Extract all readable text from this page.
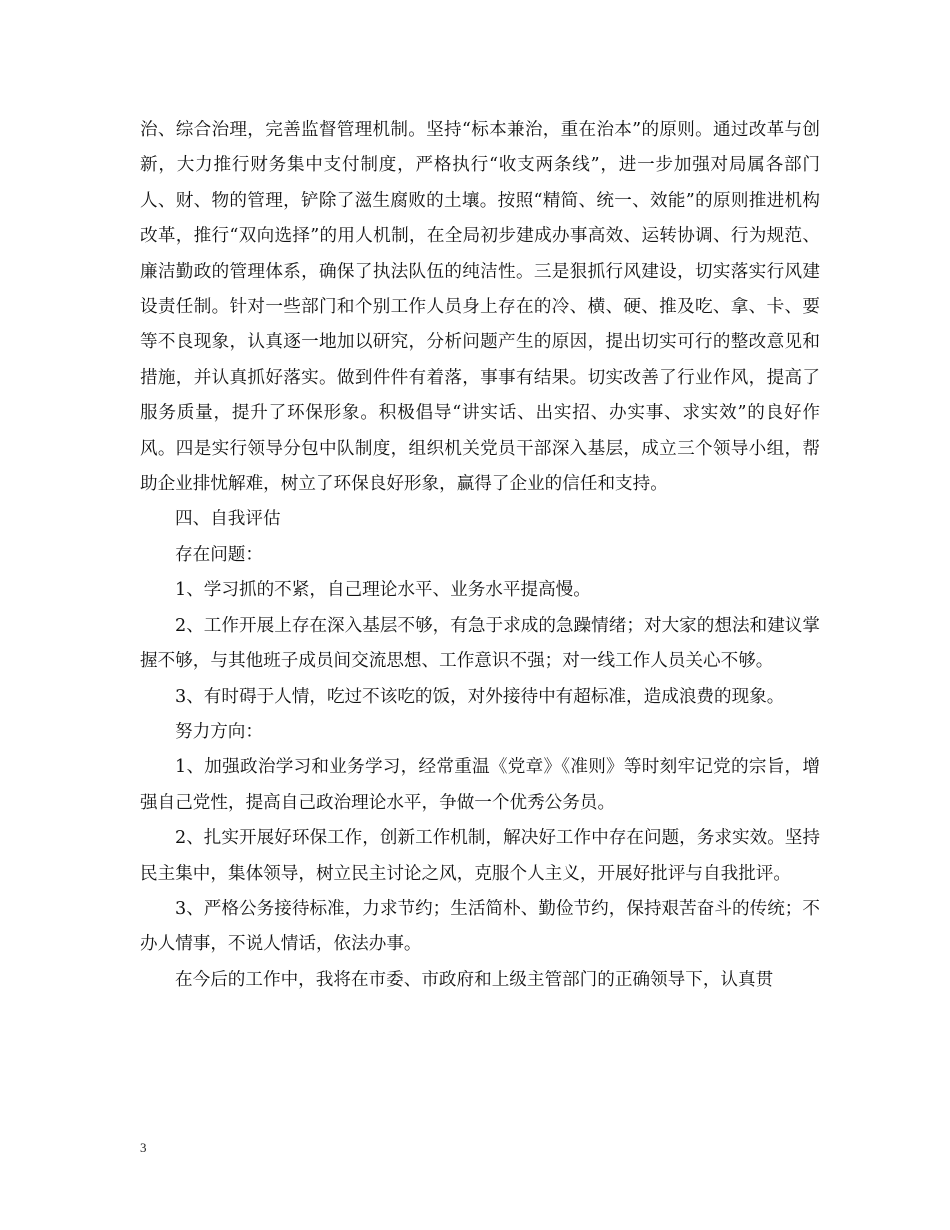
治、综合治理，完善监督管理机制。坚持“标本兼治，重在治本”的原则。通过改革与创新，大力推行财务集中支付制度，严格执行“收支两条线”，进一步加强对局属各部门人、财、物的管理，铲除了滋生腐败的土壤。按照“精简、统一、效能”的原则推进机构改革，推行“双向选择”的用人机制，在全局初步建成办事高效、运转协调、行为规范、廉洁勤政的管理体系，确保了执法队伍的纯洁性。三是狠抓行风建设，切实落实行风建设责任制。针对一些部门和个别工作人员身上存在的冷、横、硬、推及吃、拿、卡、要等不良现象，认真逐一地加以研究，分析问题产生的原因，提出切实可行的整改意见和措施，并认真抓好落实。做到件件有着落，事事有结果。切实改善了行业作风，提高了服务质量，提升了环保形象。积极倡导“讲实话、出实招、办实事、求实效”的良好作风。四是实行领导分包中队制度，组织机关党员干部深入基层，成立三个领导小组，帮助企业排忧解难，树立了环保良好形象，赢得了企业的信任和支持。

四、自我评估

存在问题：

1、学习抓的不紧，自己理论水平、业务水平提高慢。

2、工作开展上存在深入基层不够，有急于求成的急躁情绪；对大家的想法和建议掌握不够，与其他班子成员间交流思想、工作意识不强；对一线工作人员关心不够。

3、有时碍于人情，吃过不该吃的饭，对外接待中有超标准，造成浪费的现象。

努力方向：

1、加强政治学习和业务学习，经常重温《党章》《准则》等时刻牢记党的宗旨，增强自己党性，提高自己政治理论水平，争做一个优秀公务员。

2、扎实开展好环保工作，创新工作机制，解决好工作中存在问题，务求实效。坚持民主集中，集体领导，树立民主讨论之风，克服个人主义，开展好批评与自我批评。

3、严格公务接待标准，力求节约；生活简朴、勤俭节约，保持艰苦奋斗的传统；不办人情事，不说人情话，依法办事。

在今后的工作中，我将在市委、市政府和上级主管部门的正确领导下，认真贯

3
